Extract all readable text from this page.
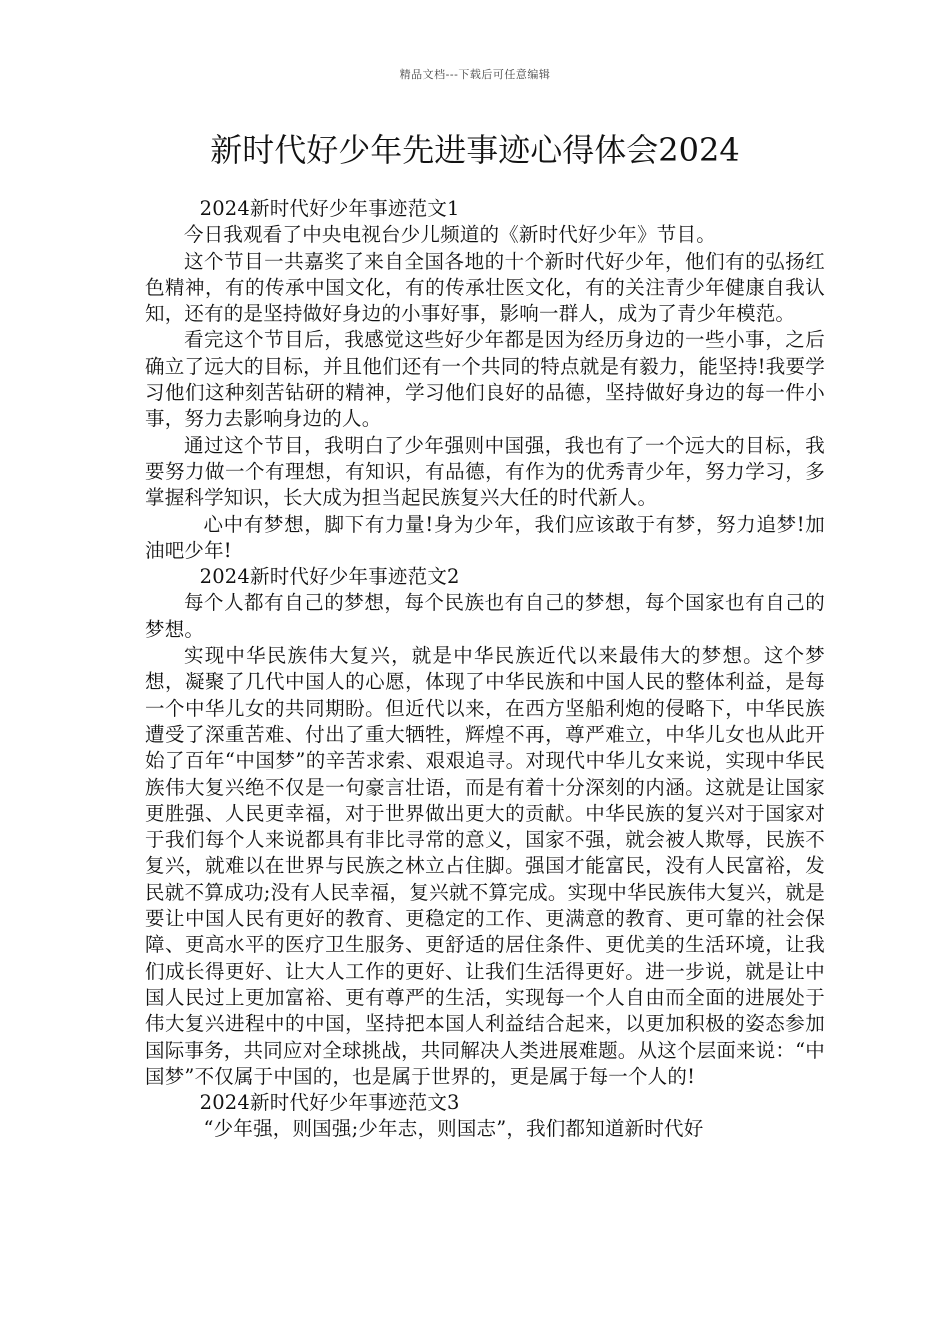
精品文档---下载后可任意编辑
新时代好少年先进事迹心得体会2024

2024新时代好少年事迹范文1

今日我观看了中央电视台少儿频道的《新时代好少年》节目。

这个节目一共嘉奖了来自全国各地的十个新时代好少年，他们有的弘扬红色精神，有的传承中国文化，有的传承壮医文化，有的关注青少年健康自我认知，还有的是坚持做好身边的小事好事，影响一群人，成为了青少年模范。

看完这个节目后，我感觉这些好少年都是因为经历身边的一些小事，之后确立了远大的目标，并且他们还有一个共同的特点就是有毅力，能坚持!我要学习他们这种刻苦钻研的精神，学习他们良好的品德，坚持做好身边的每一件小事，努力去影响身边的人。

通过这个节目，我明白了少年强则中国强，我也有了一个远大的目标，我要努力做一个有理想，有知识，有品德，有作为的优秀青少年，努力学习，多掌握科学知识，长大成为担当起民族复兴大任的时代新人。

心中有梦想，脚下有力量!身为少年，我们应该敢于有梦，努力追梦!加油吧少年!

2024新时代好少年事迹范文2

每个人都有自己的梦想，每个民族也有自己的梦想，每个国家也有自己的梦想。

实现中华民族伟大复兴，就是中华民族近代以来最伟大的梦想。这个梦想，凝聚了几代中国人的心愿，体现了中华民族和中国人民的整体利益，是每一个中华儿女的共同期盼。但近代以来，在西方坚船利炮的侵略下，中华民族遭受了深重苦难、付出了重大牺牲，辉煌不再，尊严难立，中华儿女也从此开始了百年“中国梦”的辛苦求索、艰艰追寻。对现代中华儿女来说，实现中华民族伟大复兴绝不仅是一句豪言壮语，而是有着十分深刻的内涵。这就是让国家更胜强、人民更幸福，对于世界做出更大的贡献。中华民族的复兴对于国家对于我们每个人来说都具有非比寻常的意义，国家不强，就会被人欺辱，民族不复兴，就难以在世界与民族之林立占住脚。强国才能富民，没有人民富裕，发民就不算成功;没有人民幸福，复兴就不算完成。实现中华民族伟大复兴，就是要让中国人民有更好的教育、更稳定的工作、更满意的教育、更可靠的社会保障、更高水平的医疗卫生服务、更舒适的居住条件、更优美的生活环境，让我们成长得更好、让大人工作的更好、让我们生活得更好。进一步说，就是让中国人民过上更加富裕、更有尊严的生活，实现每一个人自由而全面的进展处于伟大复兴进程中的中国，坚持把本国人利益结合起来，以更加积极的姿态参加国际事务，共同应对全球挑战，共同解决人类进展难题。从这个层面来说：“中国梦”不仅属于中国的，也是属于世界的，更是属于每一个人的!

2024新时代好少年事迹范文3

“少年强，则国强;少年志，则国志”，我们都知道新时代好
